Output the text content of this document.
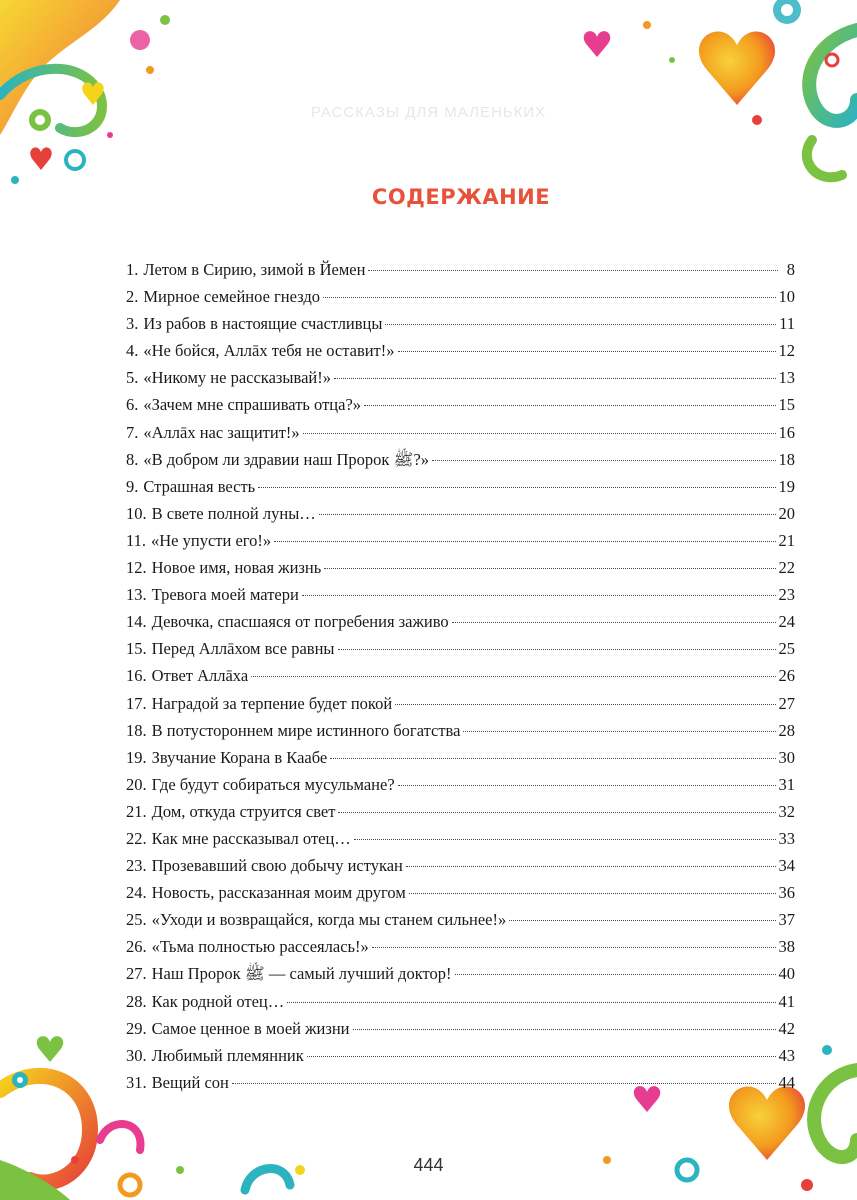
РАССКАЗЫ ДЛЯ МАЛЕНЬКИХ
СОДЕРЖАНИЕ
1. Летом в Сирию, зимой в Йемен	8
2. Мирное семейное гнездо	10
3. Из рабов в настоящие счастливцы	11
4. «Не бойся, Аллāх тебя не оставит!»	12
5. «Никому не рассказывай!»	13
6. «Зачем мне спрашивать отца?»	15
7. «Аллāх нас защитит!»	16
8. «В добром ли здравии наш Пророк ﷺ?»	18
9. Страшная весть	19
10. В свете полной луны…	20
11. «Не упусти его!»	21
12. Новое имя, новая жизнь	22
13. Тревога моей матери	23
14. Девочка, спасшаяся от погребения заживо	24
15. Перед Аллāхом все равны	25
16. Ответ Аллāха	26
17. Наградой за терпение будет покой	27
18. В потустороннем мире истинного богатства	28
19. Звучание Корана в Каабе	30
20. Где будут собираться мусульмане?	31
21. Дом, откуда струится свет	32
22. Как мне рассказывал отец…	33
23. Прозевавший свою добычу истукан	34
24. Новость, рассказанная моим другом	36
25. «Уходи и возвращайся, когда мы станем сильнее!»	37
26. «Тьма полностью рассеялась!»	38
27. Наш Пророк ﷺ — самый лучший доктор!	40
28. Как родной отец…	41
29. Самое ценное в моей жизни	42
30. Любимый племянник	43
31. Вещий сон	44
444
